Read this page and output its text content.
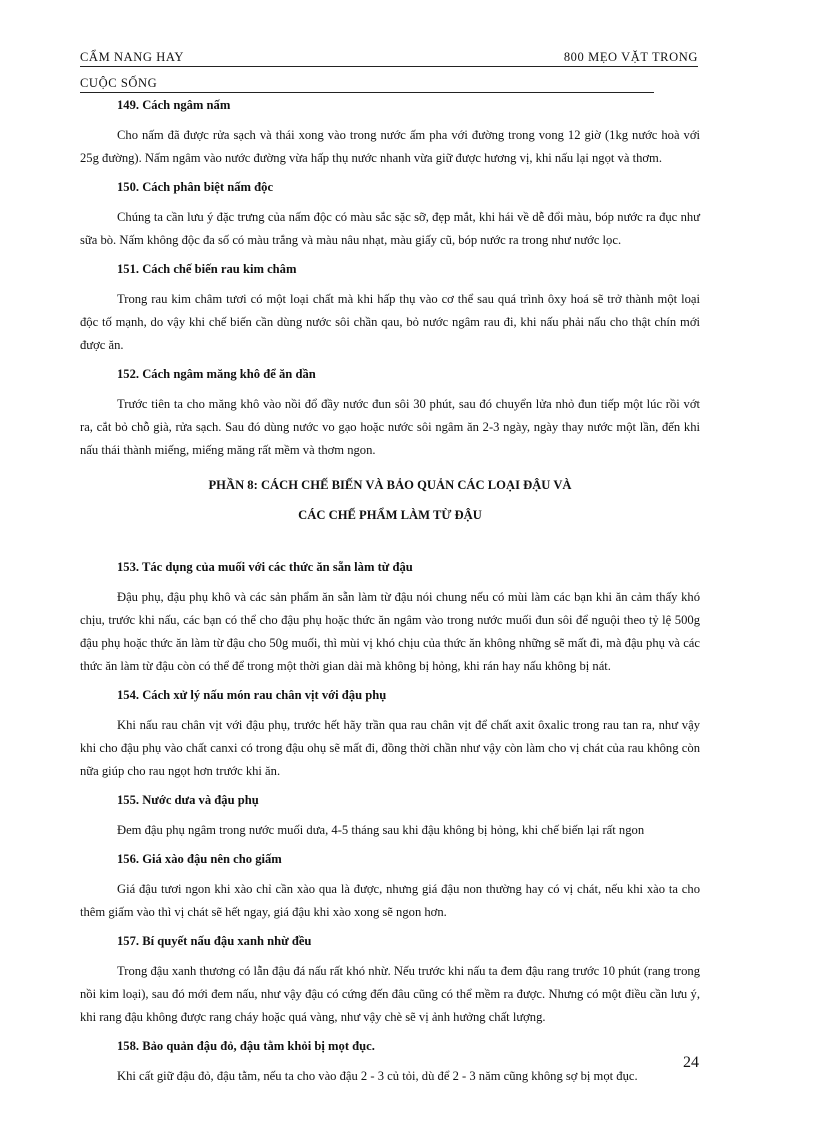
CẨM NANG HAY	800 MẸO VẶT TRONG
CUỘC SỐNG
149. Cách ngâm nấm
Cho nấm đã được rửa sạch và thái xong vào trong nước ấm pha với đường trong vong 12 giờ (1kg nước hoà với 25g đường). Nấm ngâm vào nước đường vừa hấp thụ nước nhanh vừa giữ được hương vị, khi nấu lại ngọt và thơm.
150. Cách phân biệt nấm độc
Chúng ta cần lưu ý đặc trưng của nấm độc có màu sắc sặc sỡ, đẹp mắt, khi hái về dễ đổi màu, bóp nước ra đục như sữa bò. Nấm không độc đa số có màu trắng và màu nâu nhạt, màu giấy cũ, bóp nước ra trong như nước lọc.
151. Cách chế biến rau kim châm
Trong rau kim châm tươi có một loại chất mà khi hấp thụ vào cơ thể sau quá trình ôxy hoá sẽ trở thành một loại độc tố mạnh, do vậy khi chế biến cần dùng nước sôi chần qau, bỏ nước ngâm rau đi, khi nấu phải nấu cho thật chín mới được ăn.
152. Cách ngâm măng khô để ăn dần
Trước tiên ta cho măng khô vào nồi đổ đầy nước đun sôi 30 phút, sau đó chuyển lửa nhỏ đun tiếp một lúc rồi vớt ra, cắt bỏ chỗ già, rửa sạch. Sau đó dùng nước vo gạo hoặc nước sôi ngâm ăn 2-3 ngày, ngày thay nước một lần, đến khi nấu thái thành miếng, miếng măng rất mềm và thơm ngon.
PHẦN 8: CÁCH CHẾ BIẾN VÀ BẢO QUẢN CÁC LOẠI ĐẬU VÀ
CÁC CHẾ PHẨM LÀM TỪ ĐẬU
153. Tác dụng của muối với các thức ăn sẵn làm từ đậu
Đậu phụ, đậu phụ khô và các sản phẩm ăn sẵn làm từ đậu nói chung nếu có mùi làm các bạn khi ăn cảm thấy khó chịu, trước khi nấu, các bạn có thể cho đậu phụ hoặc thức ăn ngâm vào trong nước muối đun sôi để nguội theo tỷ lệ 500g đậu phụ hoặc thức ăn làm từ đậu cho 50g muối, thì mùi vị khó chịu của thức ăn không những sẽ mất đi, mà đậu phụ và các thức ăn làm từ đậu còn có thể để trong một thời gian dài mà không bị hỏng, khi rán hay nấu không bị nát.
154. Cách xử lý nấu món rau chân vịt với đậu phụ
Khi nấu rau chân vịt với đậu phụ, trước hết hãy trần qua rau chân vịt để chất axit ôxalic trong rau tan ra, như vậy khi cho đậu phụ vào chất canxi có trong đậu ohụ sẽ mất đi, đồng thời chần như vậy còn làm cho vị chát của rau không còn nữa giúp cho rau ngọt hơn trước khi ăn.
155. Nước dưa và đậu phụ
Đem đậu phụ ngâm trong nước muối dưa, 4-5 tháng sau khi đậu không bị hỏng, khi chế biến lại rất ngon
156. Giá xào đậu nên cho giấm
Giá đậu tươi ngon khi xào chỉ cần xào qua là được, nhưng giá đậu non thường hay có vị chát, nếu khi xào ta cho thêm giấm vào thì vị chát sẽ hết ngay, giá đậu khi xào xong sẽ ngon hơn.
157. Bí quyết nấu đậu xanh nhừ đều
Trong đậu xanh thương có lẫn đậu đá nấu rất khó nhừ. Nếu trước khi nấu ta đem đậu rang trước 10 phút (rang trong nồi kim loại), sau đó mới đem nấu, như vậy đậu có cứng đến đâu cũng có thể mềm ra được. Nhưng có một điều cần lưu ý, khi rang đậu không được rang cháy hoặc quá vàng, như vậy chè sẽ vị ảnh hưởng chất lượng.
158. Bảo quản đậu đỏ, đậu tằm khỏi bị mọt đục.
Khi cất giữ đậu đỏ, đậu tằm, nếu ta cho vào đậu 2 - 3 củ tỏi, dù để 2 - 3 năm cũng không sợ bị mọt đục.
24
